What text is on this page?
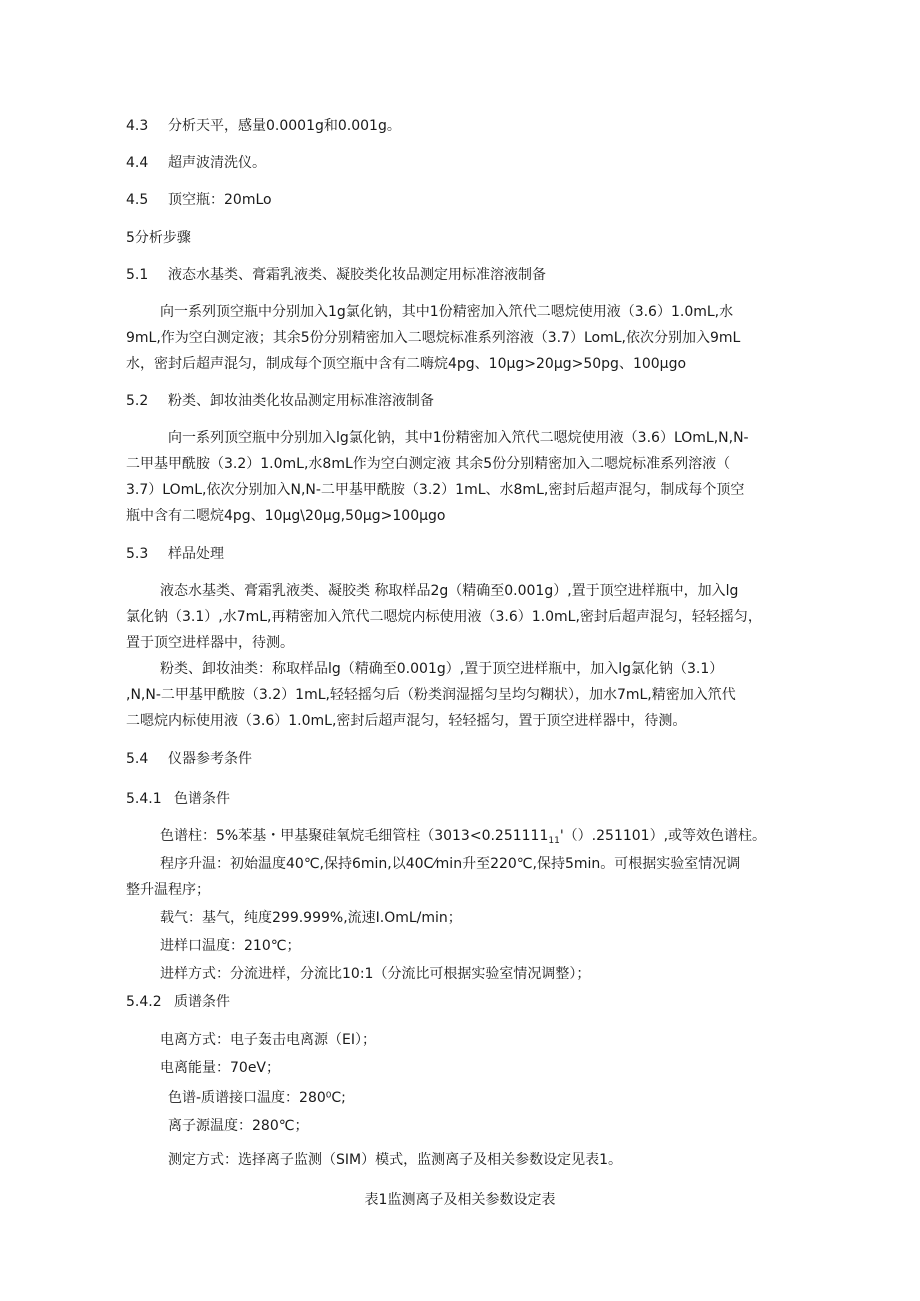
4.3 分析天平，感量0.0001g和0.001g。
4.4 超声波清洗仪。
4.5 顶空瓶：20mLo
5分析步骤
5.1 液态水基类、膏霜乳液类、凝胶类化妆品测定用标准溶液制备
向一系列顶空瓶中分别加入1g氯化钠，其中1份精密加入笊代二嗯烷使用液（3.6）1.0mL,水
9mL,作为空白测定液；其余5份分别精密加入二嗯烷标准系列溶液（3.7）LomL,依次分别加入9mL
水，密封后超声混匀，制成每个顶空瓶中含有二嗨烷4pg、10μg>20μg>50pg、100μgo
5.2 粉类、卸妆油类化妆品测定用标准溶液制备
向一系列顶空瓶中分别加入lg氯化钠，其中1份精密加入笊代二嗯烷使用液（3.6）LOmL,N,N-
二甲基甲酰胺（3.2）1.0mL,水8mL作为空白测定液 其余5份分别精密加入二嗯烷标准系列溶液（
3.7）LOmL,依次分别加入N,N-二甲基甲酰胺（3.2）1mL、水8mL,密封后超声混匀，制成每个顶空
瓶中含有二嗯烷4pg、10μg\20μg,50μg>100μgo
5.3 样品处理
液态水基类、膏霜乳液类、凝胶类 称取样品2g（精确至0.001g）,置于顶空进样瓶中，加入lg
氯化钠（3.1）,水7mL,再精密加入笊代二嗯烷内标使用液（3.6）1.0mL,密封后超声混匀，轻轻摇匀，
置于顶空进样器中，待测。
粉类、卸妆油类：称取样品lg（精确至0.001g）,置于顶空进样瓶中，加入lg氯化钠（3.1）
,N,N-二甲基甲酰胺（3.2）1mL,轻轻摇匀后（粉类润湿摇匀呈均匀糊状），加水7mL,精密加入笊代
二嗯烷内标使用液（3.6）1.0mL,密封后超声混匀，轻轻摇匀，置于顶空进样器中，待测。
5.4 仪器参考条件
5.4.1 色谱条件
色谱柱：5%苯基・甲基聚硅氧烷毛细管柱$(3013<0.251111_{11}'().251101)$,或等效色谱柱。
程序升温：初始温度40℃,保持6min,以40C⁄min升至220℃,保持5min。可根据实验室情况调
整升温程序；
载气：基气，纯度299.999%,流速I.OmL/min；
进样口温度：210℃；
进样方式：分流进样，分流比10:1（分流比可根据实验室情况调整）；
5.4.2 质谱条件
电离方式：电子轰击电离源（EI）；
电离能量：70eV；
色谱-质谱接口温度：280⁰C;
离子源温度：280℃；
测定方式：选择离子监测（SIM）模式，监测离子及相关参数设定见表1。
表1监测离子及相关参数设定表
